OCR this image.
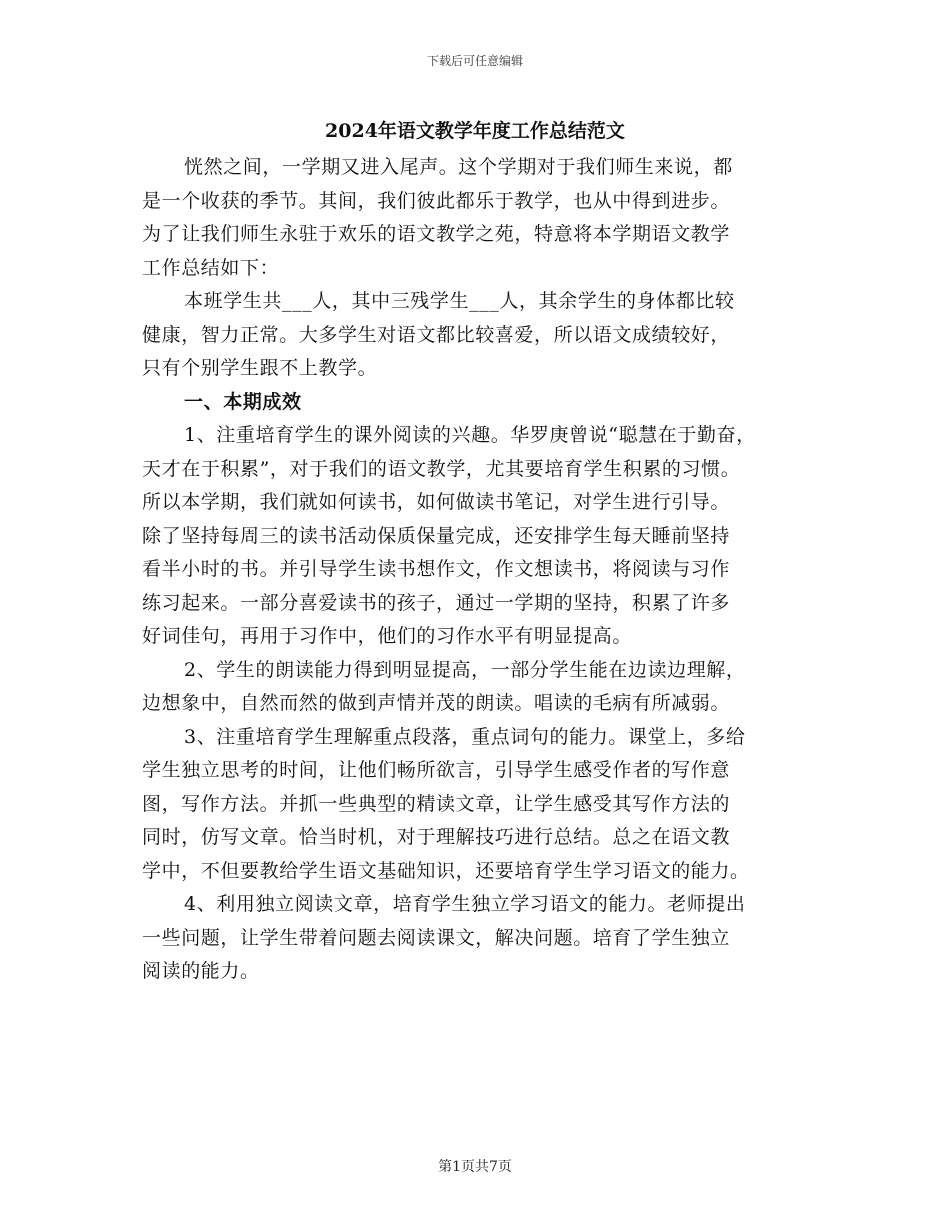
下载后可任意编辑
2024年语文教学年度工作总结范文
恍然之间，一学期又进入尾声。这个学期对于我们师生来说，都
是一个收获的季节。其间，我们彼此都乐于教学，也从中得到进步。
为了让我们师生永驻于欢乐的语文教学之苑，特意将本学期语文教学
工作总结如下：
本班学生共___人，其中三残学生___人，其余学生的身体都比较
健康，智力正常。大多学生对语文都比较喜爱，所以语文成绩较好，
只有个别学生跟不上教学。
一、本期成效
1、注重培育学生的课外阅读的兴趣。华罗庚曾说“聪慧在于勤奋，
天才在于积累”，对于我们的语文教学，尤其要培育学生积累的习惯。
所以本学期，我们就如何读书，如何做读书笔记，对学生进行引导。
除了坚持每周三的读书活动保质保量完成，还安排学生每天睡前坚持
看半小时的书。并引导学生读书想作文，作文想读书，将阅读与习作
练习起来。一部分喜爱读书的孩子，通过一学期的坚持，积累了许多
好词佳句，再用于习作中，他们的习作水平有明显提高。
2、学生的朗读能力得到明显提高，一部分学生能在边读边理解，
边想象中，自然而然的做到声情并茂的朗读。唱读的毛病有所减弱。
3、注重培育学生理解重点段落，重点词句的能力。课堂上，多给
学生独立思考的时间，让他们畅所欲言，引导学生感受作者的写作意
图，写作方法。并抓一些典型的精读文章，让学生感受其写作方法的
同时，仿写文章。恰当时机，对于理解技巧进行总结。总之在语文教
学中，不但要教给学生语文基础知识，还要培育学生学习语文的能力。
4、利用独立阅读文章，培育学生独立学习语文的能力。老师提出
一些问题，让学生带着问题去阅读课文，解决问题。培育了学生独立
阅读的能力。
第1页共7页
